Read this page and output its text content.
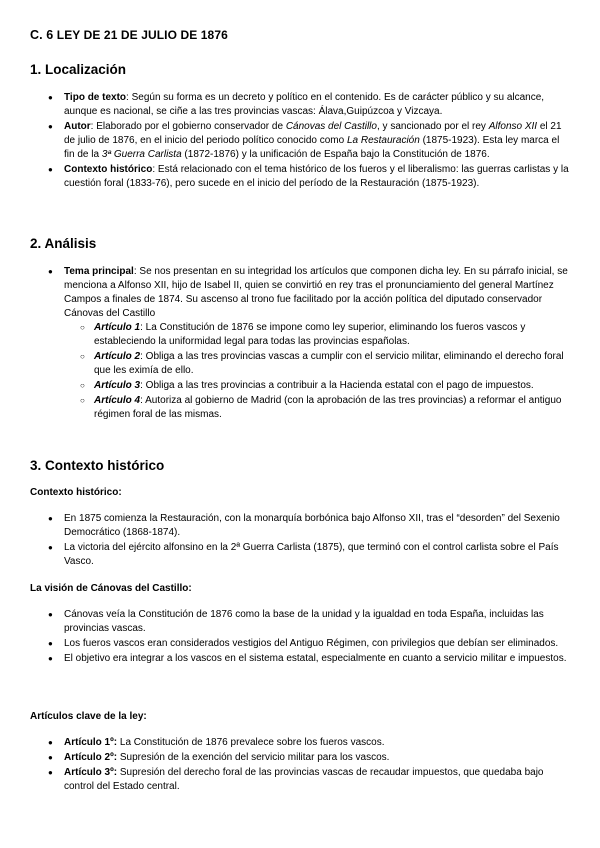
C. 6 LEY DE 21 DE JULIO DE 1876
1. Localización
● Tipo de texto: Según su forma es un decreto y político en el contenido. Es de carácter público y su alcance, aunque es nacional, se ciñe a las tres provincias vascas: Álava,Guipúzcoa y Vizcaya.
● Autor: Elaborado por el gobierno conservador de Cánovas del Castillo, y sancionado por el rey Alfonso XII el 21 de julio de 1876, en el inicio del periodo político conocido como La Restauración (1875-1923). Esta ley marca el fin de la 3ª Guerra Carlista (1872-1876) y la unificación de España bajo la Constitución de 1876.
● Contexto histórico: Está relacionado con el tema histórico de los fueros y el liberalismo: las guerras carlistas y la cuestión foral (1833-76), pero sucede en el inicio del período de la Restauración (1875-1923).
2. Análisis
● Tema principal: Se nos presentan en su integridad los artículos que componen dicha ley. En su párrafo inicial, se menciona a Alfonso XII, hijo de Isabel II, quien se convirtió en rey tras el pronunciamiento del general Martínez Campos a finales de 1874. Su ascenso al trono fue facilitado por la acción política del diputado conservador Cánovas del Castillo
○ Artículo 1: La Constitución de 1876 se impone como ley superior, eliminando los fueros vascos y estableciendo la uniformidad legal para todas las provincias españolas.
○ Artículo 2: Obliga a las tres provincias vascas a cumplir con el servicio militar, eliminando el derecho foral que les eximía de ello.
○ Artículo 3: Obliga a las tres provincias a contribuir a la Hacienda estatal con el pago de impuestos.
○ Artículo 4: Autoriza al gobierno de Madrid (con la aprobación de las tres provincias) a reformar el antiguo régimen foral de las mismas.
3. Contexto histórico
Contexto histórico:
● En 1875 comienza la Restauración, con la monarquía borbónica bajo Alfonso XII, tras el “desorden” del Sexenio Democrático (1868-1874).
● La victoria del ejército alfonsino en la 2ª Guerra Carlista (1875), que terminó con el control carlista sobre el País Vasco.
La visión de Cánovas del Castillo:
● Cánovas veía la Constitución de 1876 como la base de la unidad y la igualdad en toda España, incluidas las provincias vascas.
● Los fueros vascos eran considerados vestigios del Antiguo Régimen, con privilegios que debían ser eliminados.
● El objetivo era integrar a los vascos en el sistema estatal, especialmente en cuanto a servicio militar e impuestos.
Artículos clave de la ley:
● Artículo 1º: La Constitución de 1876 prevalece sobre los fueros vascos.
● Artículo 2º: Supresión de la exención del servicio militar para los vascos.
● Artículo 3º: Supresión del derecho foral de las provincias vascas de recaudar impuestos, que quedaba bajo control del Estado central.
